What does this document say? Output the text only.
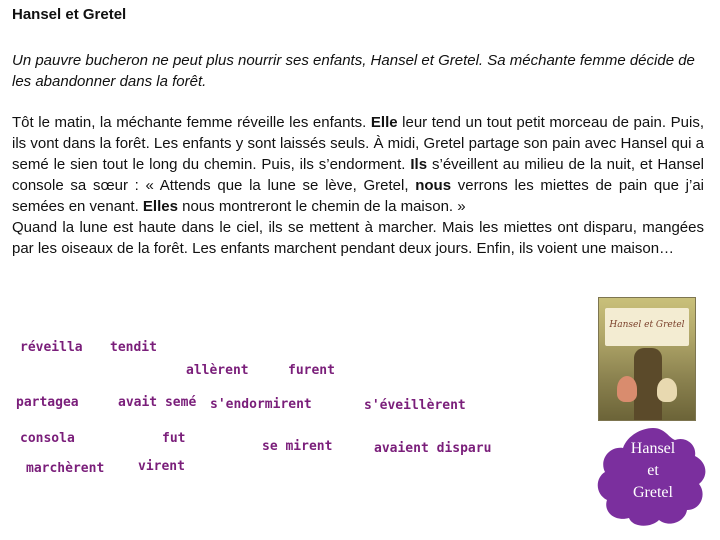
Hansel et Gretel
Un pauvre bucheron ne peut plus nourrir ses enfants, Hansel et Gretel. Sa méchante femme décide de les abandonner dans la forêt.

Tôt le matin, la méchante femme réveille les enfants. Elle leur tend un tout petit morceau de pain. Puis, ils vont dans la forêt. Les enfants y sont laissés seuls. À midi, Gretel partage son pain avec Hansel qui a semé le sien tout le long du chemin. Puis, ils s’endorment. Ils s’éveillent au milieu de la nuit, et Hansel console sa sœur : « Attends que la lune se lève, Gretel, nous verrons les miettes de pain que j’ai semées en venant. Elles nous montreront le chemin de la maison. »

Quand la lune est haute dans le ciel, ils se mettent à marcher. Mais les miettes ont disparu, mangées par les oiseaux de la forêt. Les enfants marchent pendant deux jours. Enfin, ils voient une maison…

réveilla tendit
allèrent	furent
partagea	avait semé s'endormirent	s'éveillèrent
consola	fut
se mirent	avaient disparu
marchèrent	virent
Hansel et Gretel
Hansel
et
Gretel
